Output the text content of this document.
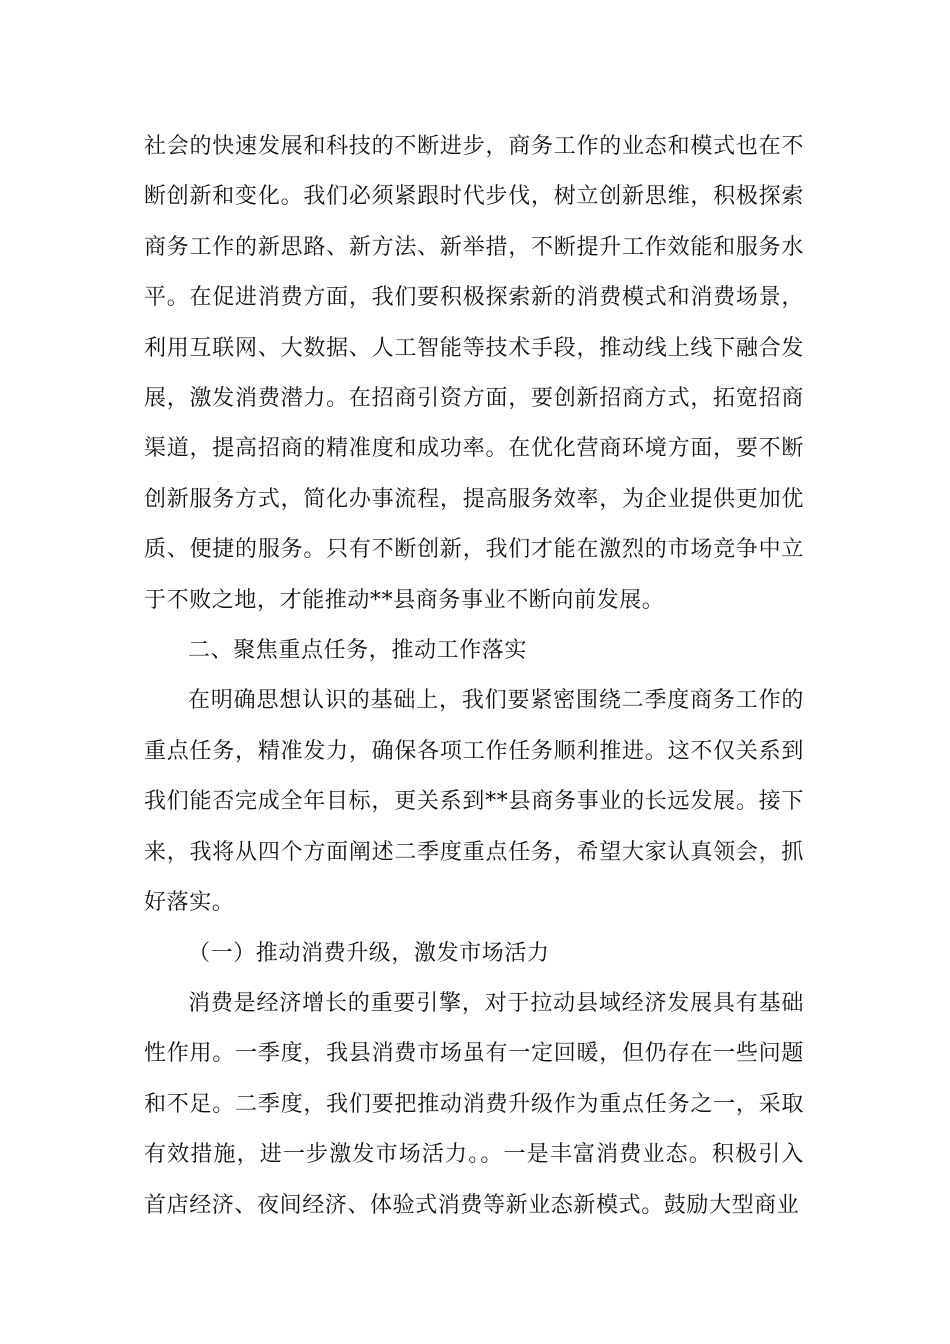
社会的快速发展和科技的不断进步，商务工作的业态和模式也在不断创新和变化。我们必须紧跟时代步伐，树立创新思维，积极探索商务工作的新思路、新方法、新举措，不断提升工作效能和服务水平。在促进消费方面，我们要积极探索新的消费模式和消费场景，利用互联网、大数据、人工智能等技术手段，推动线上线下融合发展，激发消费潜力。在招商引资方面，要创新招商方式，拓宽招商渠道，提高招商的精准度和成功率。在优化营商环境方面，要不断创新服务方式，简化办事流程，提高服务效率，为企业提供更加优质、便捷的服务。只有不断创新，我们才能在激烈的市场竞争中立于不败之地，才能推动**县商务事业不断向前发展。

二、聚焦重点任务，推动工作落实

在明确思想认识的基础上，我们要紧密围绕二季度商务工作的重点任务，精准发力，确保各项工作任务顺利推进。这不仅关系到我们能否完成全年目标，更关系到**县商务事业的长远发展。接下来，我将从四个方面阐述二季度重点任务，希望大家认真领会，抓好落实。

（一）推动消费升级，激发市场活力

消费是经济增长的重要引擎，对于拉动县域经济发展具有基础性作用。一季度，我县消费市场虽有一定回暖，但仍存在一些问题和不足。二季度，我们要把推动消费升级作为重点任务之一，采取有效措施，进一步激发市场活力。。一是丰富消费业态。积极引入首店经济、夜间经济、体验式消费等新业态新模式。鼓励大型商业
